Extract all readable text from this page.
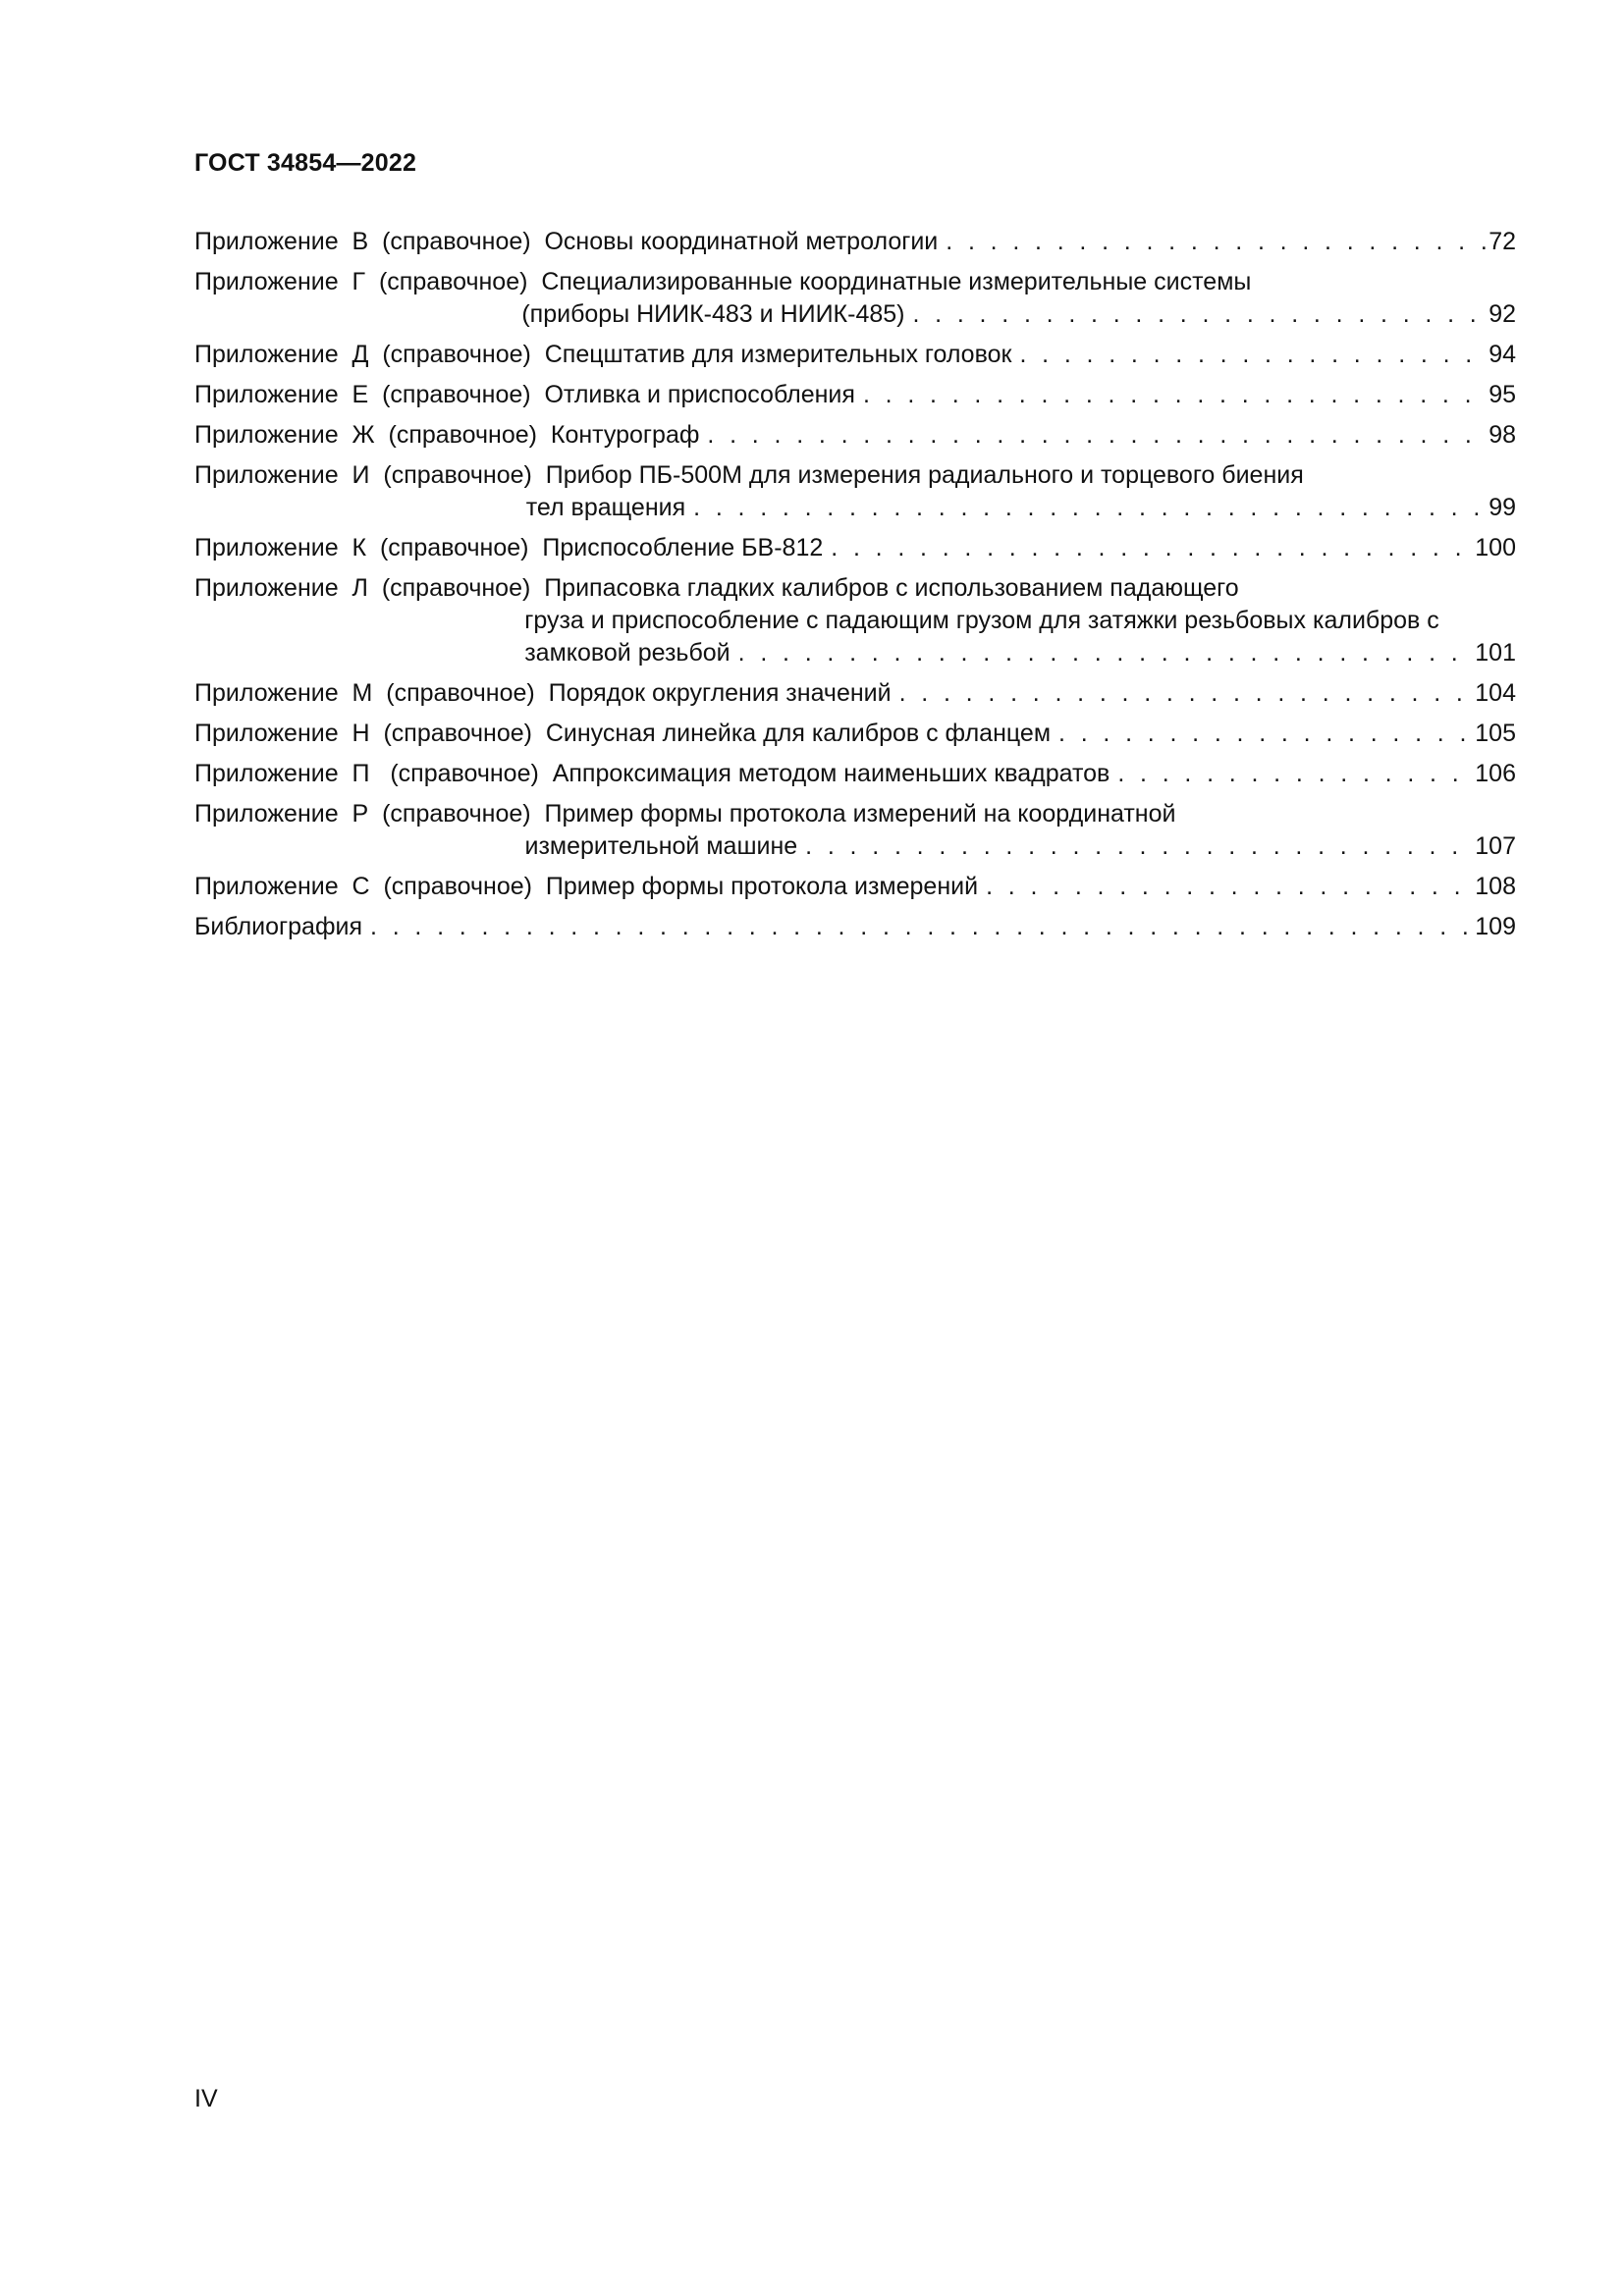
ГОСТ 34854—2022
Приложение  В  (справочное) Основы координатной метрологии . . .	72
Приложение  Г  (справочное)  Специализированные координатные измерительные системы
(приборы НИИК-483 и НИИК-485) . . .	92
Приложение  Д  (справочное) Спецштатив для измерительных головок . . .	94
Приложение  Е  (справочное) Отливка и приспособления . . .	95
Приложение  Ж  (справочное) Контурограф . . .	98
Приложение  И  (справочное)  Прибор ПБ-500М для измерения радиального и торцевого биения
тел вращения . . .	99
Приложение  К  (справочное) Приспособление БВ-812 . . .	100
Приложение  Л  (справочное)  Припасовка гладких калибров с использованием падающего
груза и приспособление с падающим грузом для затяжки резьбовых калибров с
замковой резьбой . . .	101
Приложение  М  (справочное) Порядок округления значений . . .	104
Приложение  Н  (справочное) Синусная линейка для калибров с фланцем . . .	105
Приложение  П   (справочное) Аппроксимация методом наименьших квадратов . . .	106
Приложение  Р  (справочное)  Пример формы протокола измерений на координатной
измерительной машине . . .	107
Приложение  С  (справочное) Пример формы протокола измерений . . .	108
Библиография . . .	109
IV
